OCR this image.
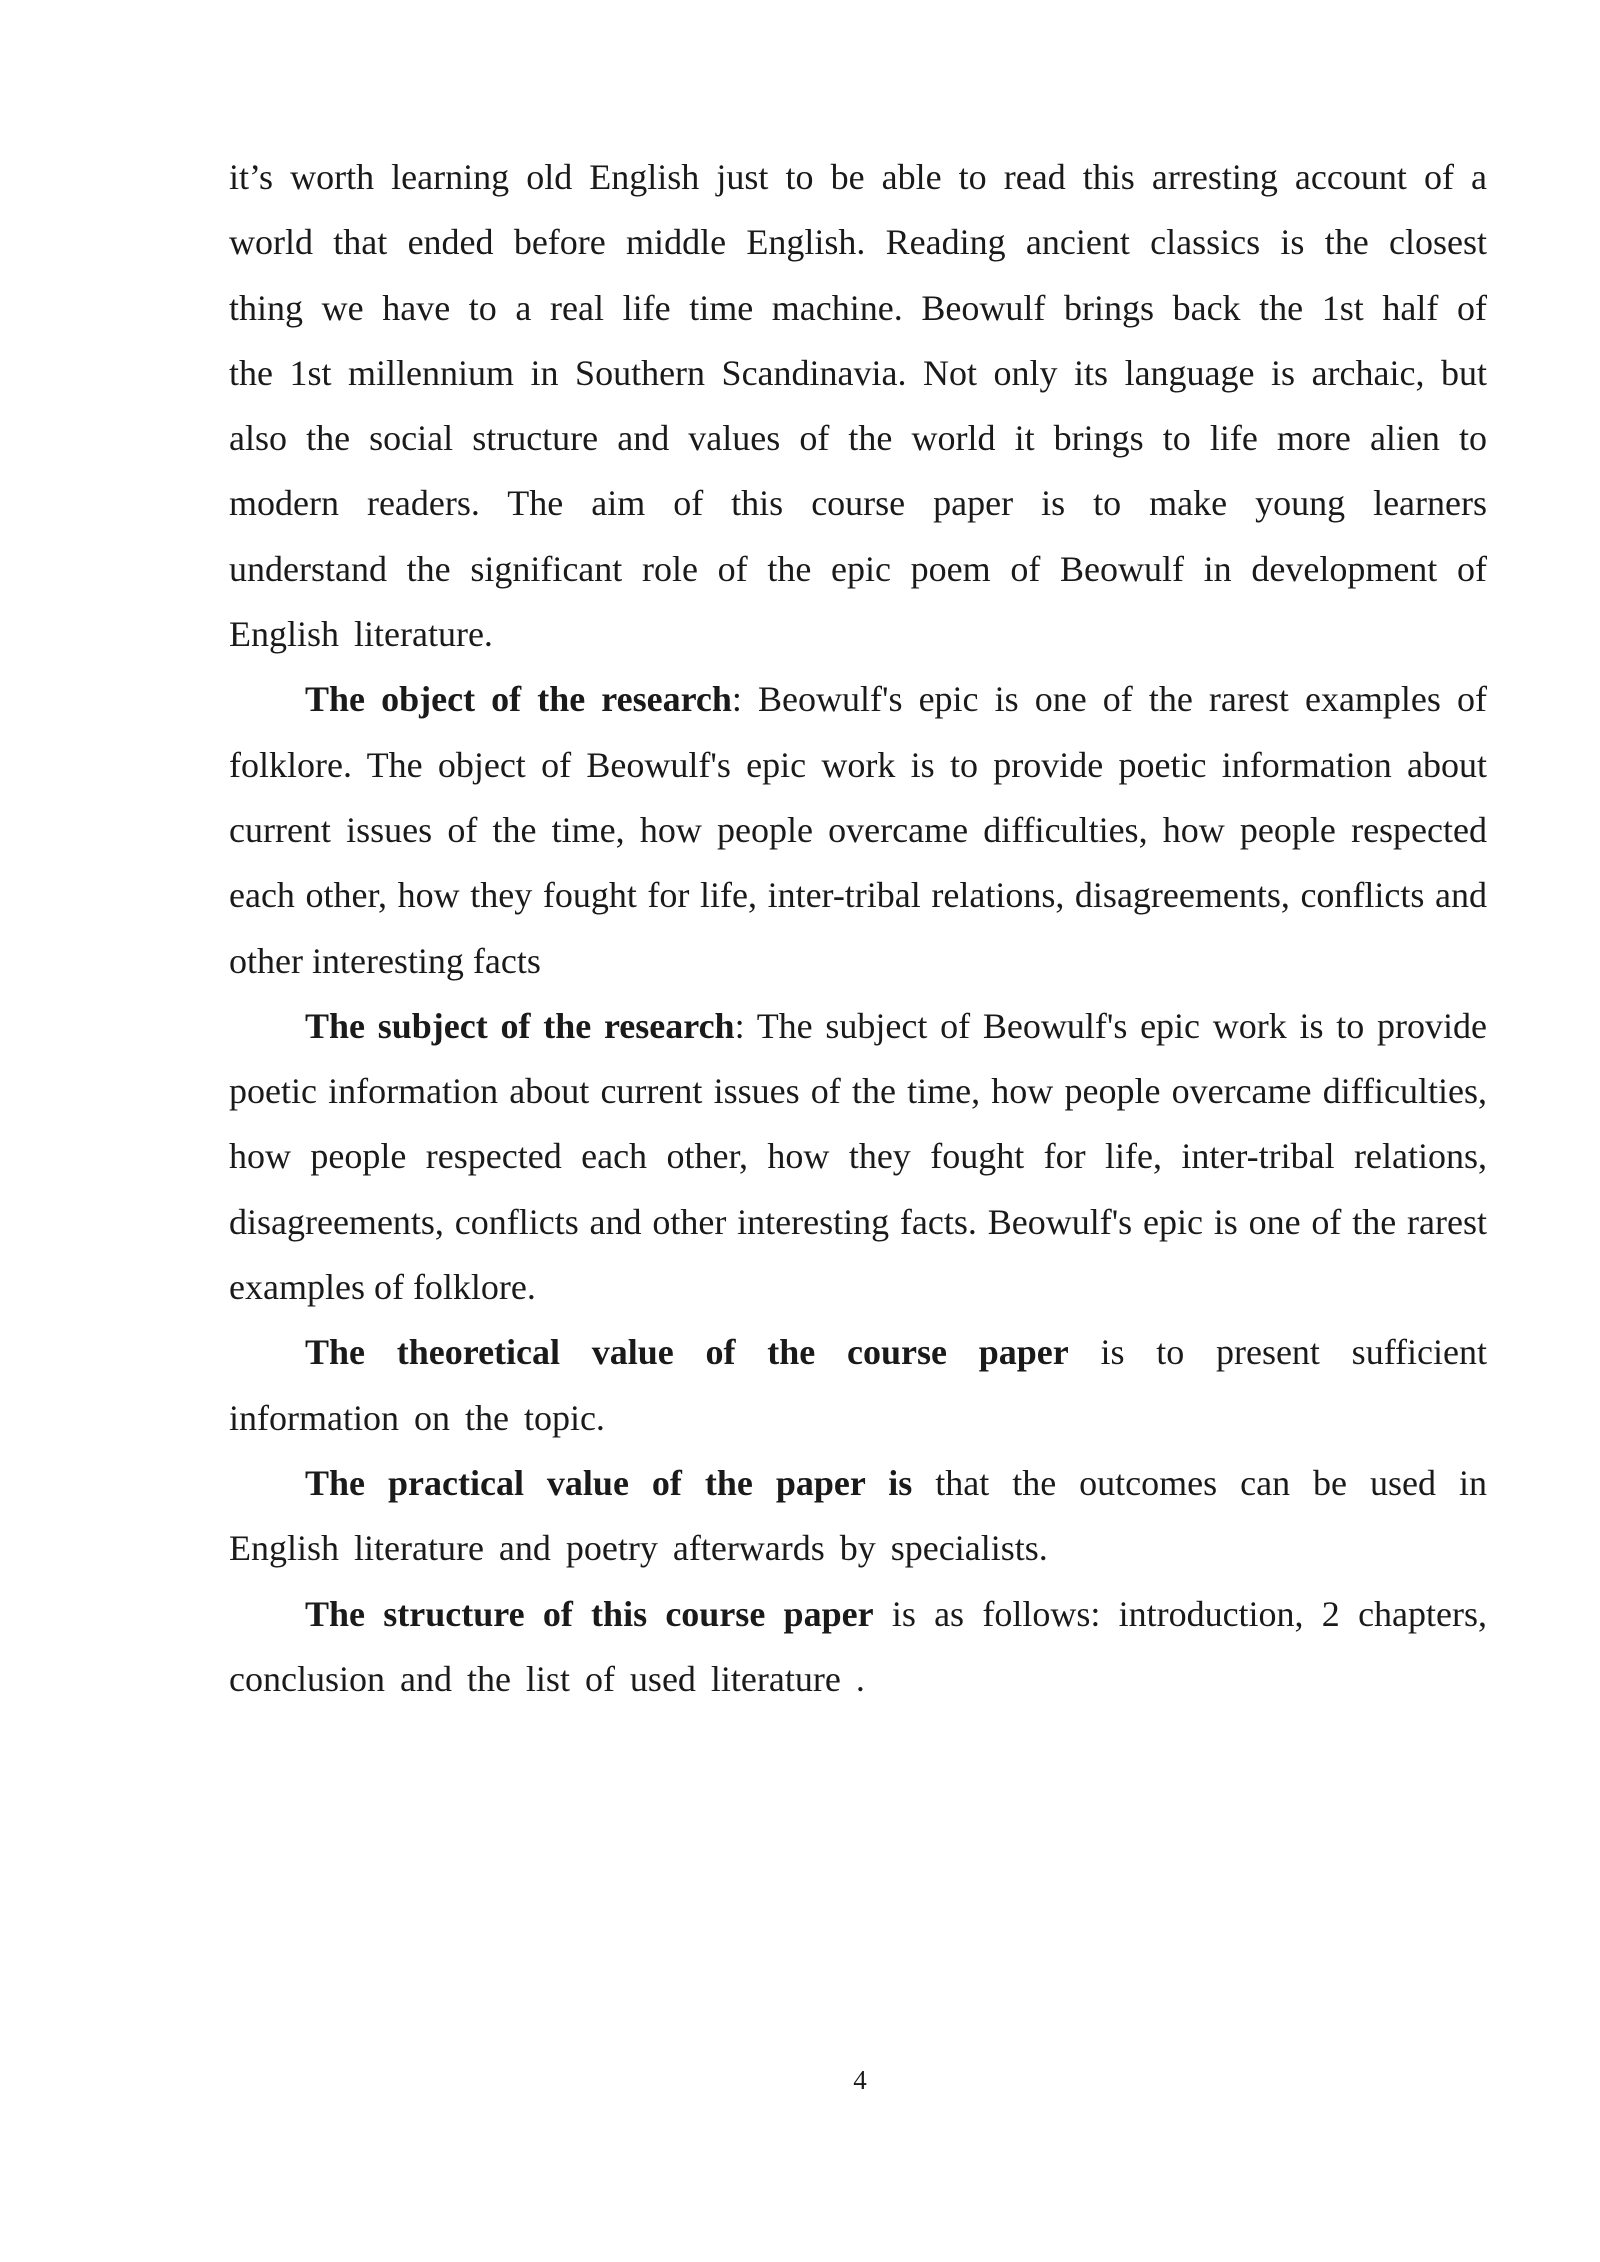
it’s worth learning old English just to be able to read this arresting account of a world that ended before middle English. Reading ancient classics is the closest thing we have to a real life time machine. Beowulf brings back the 1st half of the 1st millennium in Southern Scandinavia. Not only its language is archaic, but also the social structure and values of the world it brings to life more alien to modern readers. The aim of this course paper is to make young learners understand the significant role of the epic poem of Beowulf in development of English literature.

The object of the research: Beowulf's epic is one of the rarest examples of folklore. The object of Beowulf's epic work is to provide poetic information about current issues of the time, how people overcame difficulties, how people respected each other, how they fought for life, inter-tribal relations, disagreements, conflicts and other interesting facts

The subject of the research: The subject of Beowulf's epic work is to provide poetic information about current issues of the time, how people overcame difficulties, how people respected each other, how they fought for life, inter-tribal relations, disagreements, conflicts and other interesting facts. Beowulf's epic is one of the rarest examples of folklore.

The theoretical value of the course paper is to present sufficient information on the topic.

The practical value of the paper is that the outcomes can be used in English literature and poetry afterwards by specialists.

The structure of this course paper is as follows: introduction, 2 chapters, conclusion and the list of used literature .

4
